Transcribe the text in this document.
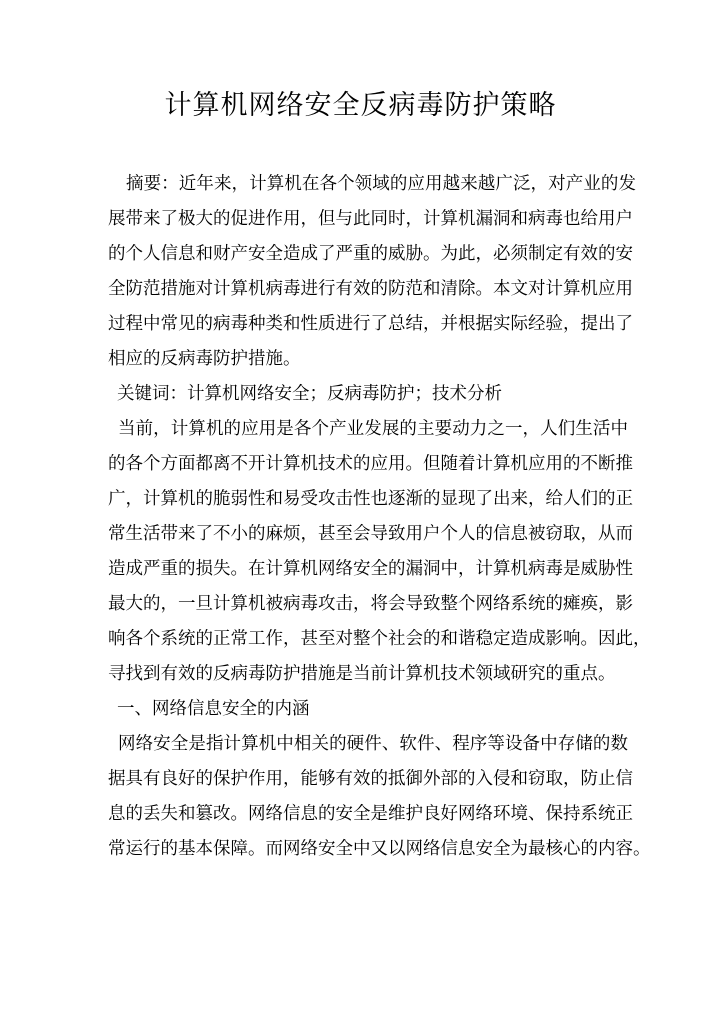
计算机网络安全反病毒防护策略
摘要：近年来，计算机在各个领域的应用越来越广泛，对产业的发
展带来了极大的促进作用，但与此同时，计算机漏洞和病毒也给用户
的个人信息和财产安全造成了严重的威胁。为此，必须制定有效的安
全防范措施对计算机病毒进行有效的防范和清除。本文对计算机应用
过程中常见的病毒种类和性质进行了总结，并根据实际经验，提出了
相应的反病毒防护措施。
关键词：计算机网络安全；反病毒防护；技术分析
当前，计算机的应用是各个产业发展的主要动力之一，人们生活中
的各个方面都离不开计算机技术的应用。但随着计算机应用的不断推
广，计算机的脆弱性和易受攻击性也逐渐的显现了出来，给人们的正
常生活带来了不小的麻烦，甚至会导致用户个人的信息被窃取，从而
造成严重的损失。在计算机网络安全的漏洞中，计算机病毒是威胁性
最大的，一旦计算机被病毒攻击，将会导致整个网络系统的瘫痪，影
响各个系统的正常工作，甚至对整个社会的和谐稳定造成影响。因此，
寻找到有效的反病毒防护措施是当前计算机技术领域研究的重点。
一、网络信息安全的内涵
网络安全是指计算机中相关的硬件、软件、程序等设备中存储的数
据具有良好的保护作用，能够有效的抵御外部的入侵和窃取，防止信
息的丢失和篡改。网络信息的安全是维护良好网络环境、保持系统正
常运行的基本保障。而网络安全中又以网络信息安全为最核心的内容。
